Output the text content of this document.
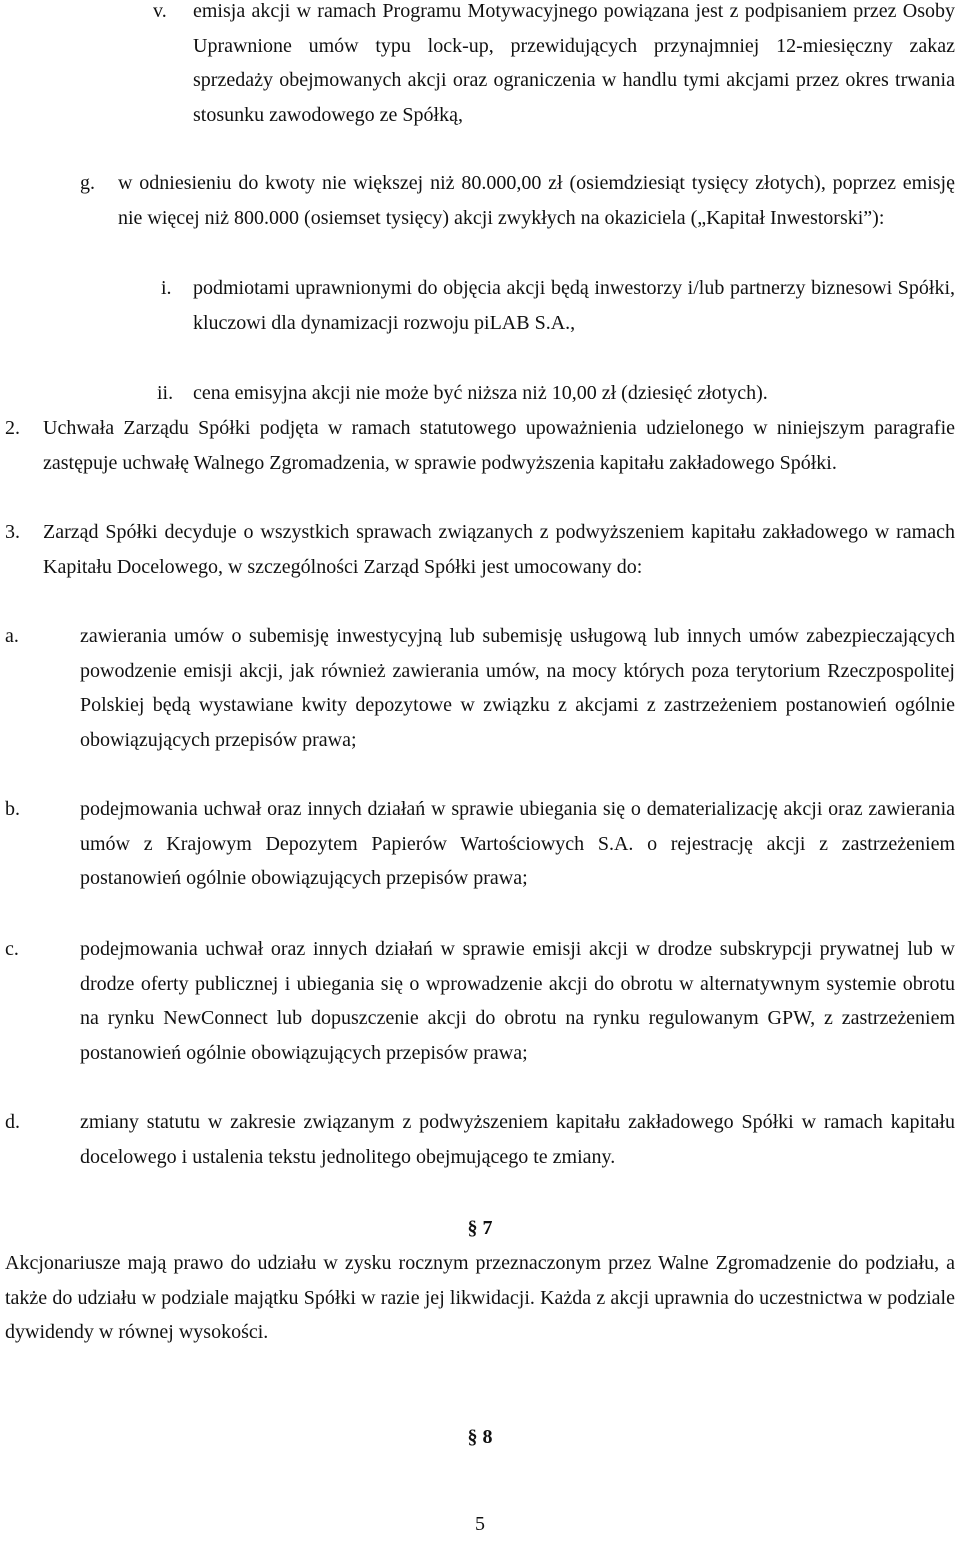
v. emisja akcji w ramach Programu Motywacyjnego powiązana jest z podpisaniem przez Osoby Uprawnione umów typu lock-up, przewidujących przynajmniej 12-miesięczny zakaz sprzedaży obejmowanych akcji oraz ograniczenia w handlu tymi akcjami przez okres trwania stosunku zawodowego ze Spółką,
g. w odniesieniu do kwoty nie większej niż 80.000,00 zł (osiemdziesiąt tysięcy złotych), poprzez emisję nie więcej niż 800.000 (osiemset tysięcy) akcji zwykłych na okaziciela („Kapitał Inwestorski”):
i. podmiotami uprawnionymi do objęcia akcji będą inwestorzy i/lub partnerzy biznesowi Spółki, kluczowi dla dynamizacji rozwoju piLAB S.A.,
ii. cena emisyjna akcji nie może być niższa niż 10,00 zł (dziesięć złotych).
2. Uchwała Zarządu Spółki podjęta w ramach statutowego upoważnienia udzielonego w niniejszym paragrafie zastępuje uchwałę Walnego Zgromadzenia, w sprawie podwyższenia kapitału zakładowego Spółki.
3. Zarząd Spółki decyduje o wszystkich sprawach związanych z podwyższeniem kapitału zakładowego w ramach Kapitału Docelowego, w szczególności Zarząd Spółki jest umocowany do:
a.	zawierania umów o subemisję inwestycyjną lub subemisję usługową lub innych umów zabezpieczających powodzenie emisji akcji, jak również zawierania umów, na mocy których poza terytorium Rzeczpospolitej Polskiej będą wystawiane kwity depozytowe w związku z akcjami z zastrzeżeniem postanowień ogólnie obowiązujących przepisów prawa;
b.	podejmowania uchwał oraz innych działań w sprawie ubiegania się o dematerializację akcji oraz zawierania umów z Krajowym Depozytem Papierów Wartościowych S.A. o rejestrację akcji z zastrzeżeniem postanowień ogólnie obowiązujących przepisów prawa;
c.	podejmowania uchwał oraz innych działań w sprawie emisji akcji w drodze subskrypcji prywatnej lub w drodze oferty publicznej i ubiegania się o wprowadzenie akcji do obrotu w alternatywnym systemie obrotu na rynku NewConnect lub dopuszczenie akcji do obrotu na rynku regulowanym GPW, z zastrzeżeniem postanowień ogólnie obowiązujących przepisów prawa;
d.	zmiany statutu w zakresie związanym z podwyższeniem kapitału zakładowego Spółki w ramach kapitału docelowego i ustalenia tekstu jednolitego obejmującego te zmiany.
§ 7
Akcjonariusze mają prawo do udziału w zysku rocznym przeznaczonym przez Walne Zgromadzenie do podziału, a także do udziału w podziale majątku Spółki w razie jej likwidacji. Każda z akcji uprawnia do uczestnictwa w podziale dywidendy w równej wysokości.
§ 8
5
